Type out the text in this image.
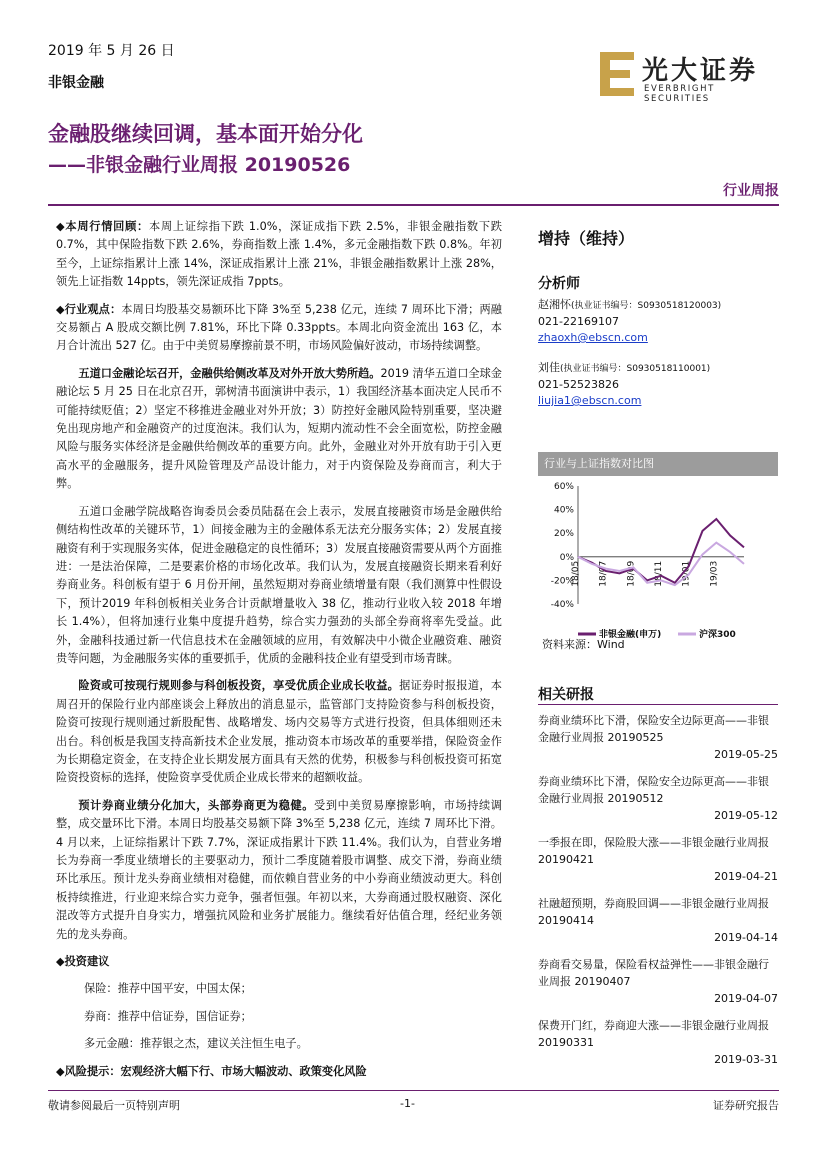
2019 年 5 月 26 日
非银金融	光大证券
EVERBRIGHT SECURITIES
金融股继续回调，基本面开始分化
——非银金融行业周报 20190526
行业周报

◆本周行情回顾：本周上证综指下跌 1.0%，深证成指下跌 2.5%，非银金融指数下跌 0.7%，其中保险指数下跌 2.6%，券商指数上涨 1.4%，多元金融指数下跌 0.8%。年初至今，上证综指累计上涨 14%，深证成指累计上涨 21%，非银金融指数累计上涨 28%，领先上证指数 14ppts，领先深证成指 7ppts。

◆行业观点：本周日均股基交易额环比下降 3%至 5,238 亿元，连续 7 周环比下滑；两融交易额占 A 股成交额比例 7.81%，环比下降 0.33ppts。本周北向资金流出 163 亿，本月合计流出 527 亿。由于中美贸易摩擦前景不明，市场风险偏好波动，市场持续调整。

五道口金融论坛召开，金融供给侧改革及对外开放大势所趋。2019 清华五道口全球金融论坛 5 月 25 日在北京召开，郭树清书面演讲中表示，1）我国经济基本面决定人民币不可能持续贬值；2）坚定不移推进金融业对外开放；3）防控好金融风险特别重要，坚决避免出现房地产和金融资产的过度泡沫。我们认为，短期内流动性不会全面宽松，防控金融风险与服务实体经济是金融供给侧改革的重要方向。此外，金融业对外开放有助于引入更高水平的金融服务，提升风险管理及产品设计能力，对于内资保险及券商而言，利大于弊。

五道口金融学院战略咨询委员会委员陆磊在会上表示，发展直接融资市场是金融供给侧结构性改革的关键环节，1）间接金融为主的金融体系无法充分服务实体；2）发展直接融资有利于实现服务实体，促进金融稳定的良性循环；3）发展直接融资需要从两个方面推进：一是法治保障，二是要素价格的市场化改革。我们认为，发展直接融资长期来看利好券商业务。科创板有望于 6 月份开闸，虽然短期对券商业绩增量有限（我们测算中性假设下，预计2019 年科创板相关业务合计贡献增量收入 38 亿，推动行业收入较 2018 年增长 1.4%），但将加速行业集中度提升趋势，综合实力强劲的头部全券商将率先受益。此外，金融科技通过新一代信息技术在金融领域的应用，有效解决中小微企业融资难、融资贵等问题，为金融服务实体的重要抓手，优质的金融科技企业有望受到市场青睐。

险资或可按现行规则参与科创板投资，享受优质企业成长收益。据证券时报报道，本周召开的保险行业内部座谈会上释放出的消息显示，监管部门支持险资参与科创板投资，险资可按现行规则通过新股配售、战略增发、场内交易等方式进行投资，但具体细则还未出台。科创板是我国支持高新技术企业发展，推动资本市场改革的重要举措，保险资金作为长期稳定资金，在支持企业长期发展方面具有天然的优势，积极参与科创板投资可拓宽险资投资标的选择，使险资享受优质企业成长带来的超额收益。

预计券商业绩分化加大，头部券商更为稳健。受到中美贸易摩擦影响，市场持续调整，成交量环比下滑。本周日均股基交易额下降 3%至 5,238 亿元，连续 7 周环比下滑。4 月以来，上证综指累计下跌 7.7%，深证成指累计下跌 11.4%。我们认为，自营业务增长为券商一季度业绩增长的主要驱动力，预计二季度随着股市调整、成交下滑，券商业绩环比承压。预计龙头券商业绩相对稳健，而依赖自营业务的中小券商业绩波动更大。科创板持续推进，行业迎来综合实力竞争，强者恒强。年初以来，大券商通过股权融资、深化混改等方式提升自身实力，增强抗风险和业务扩展能力。继续看好估值合理，经纪业务领先的龙头券商。

◆投资建议

保险：推荐中国平安，中国太保；

券商：推荐中信证券，国信证券；

多元金融：推荐银之杰，建议关注恒生电子。

◆风险提示：宏观经济大幅下行、市场大幅波动、政策变化风险

增持（维持）
分析师
赵湘怀(执业证书编号：S0930518120003)
021-22169107
zhaoxh@ebscn.com
刘佳(执业证书编号：S0930518110001)
021-52523826
liujia1@ebscn.com
行业与上证指数对比图
60%
40%
20%
0%
-20%
-40%
18/05 18/07 18/09 18/11 19/01 19/03
非银金融(申万)	沪深300
资料来源：Wind
相关研报
券商业绩环比下滑，保险安全边际更高——非银金融行业周报 20190525
2019-05-25
券商业绩环比下滑，保险安全边际更高——非银金融行业周报 20190512
2019-05-12
一季报在即，保险股大涨——非银金融行业周报 20190421
2019-04-21
社融超预期，券商股回调——非银金融行业周报 20190414
2019-04-14
券商看交易量，保险看权益弹性——非银金融行业周报 20190407
2019-04-07
保费开门红，券商迎大涨——非银金融行业周报 20190331
2019-03-31
敬请参阅最后一页特别声明	-1-	证券研究报告
